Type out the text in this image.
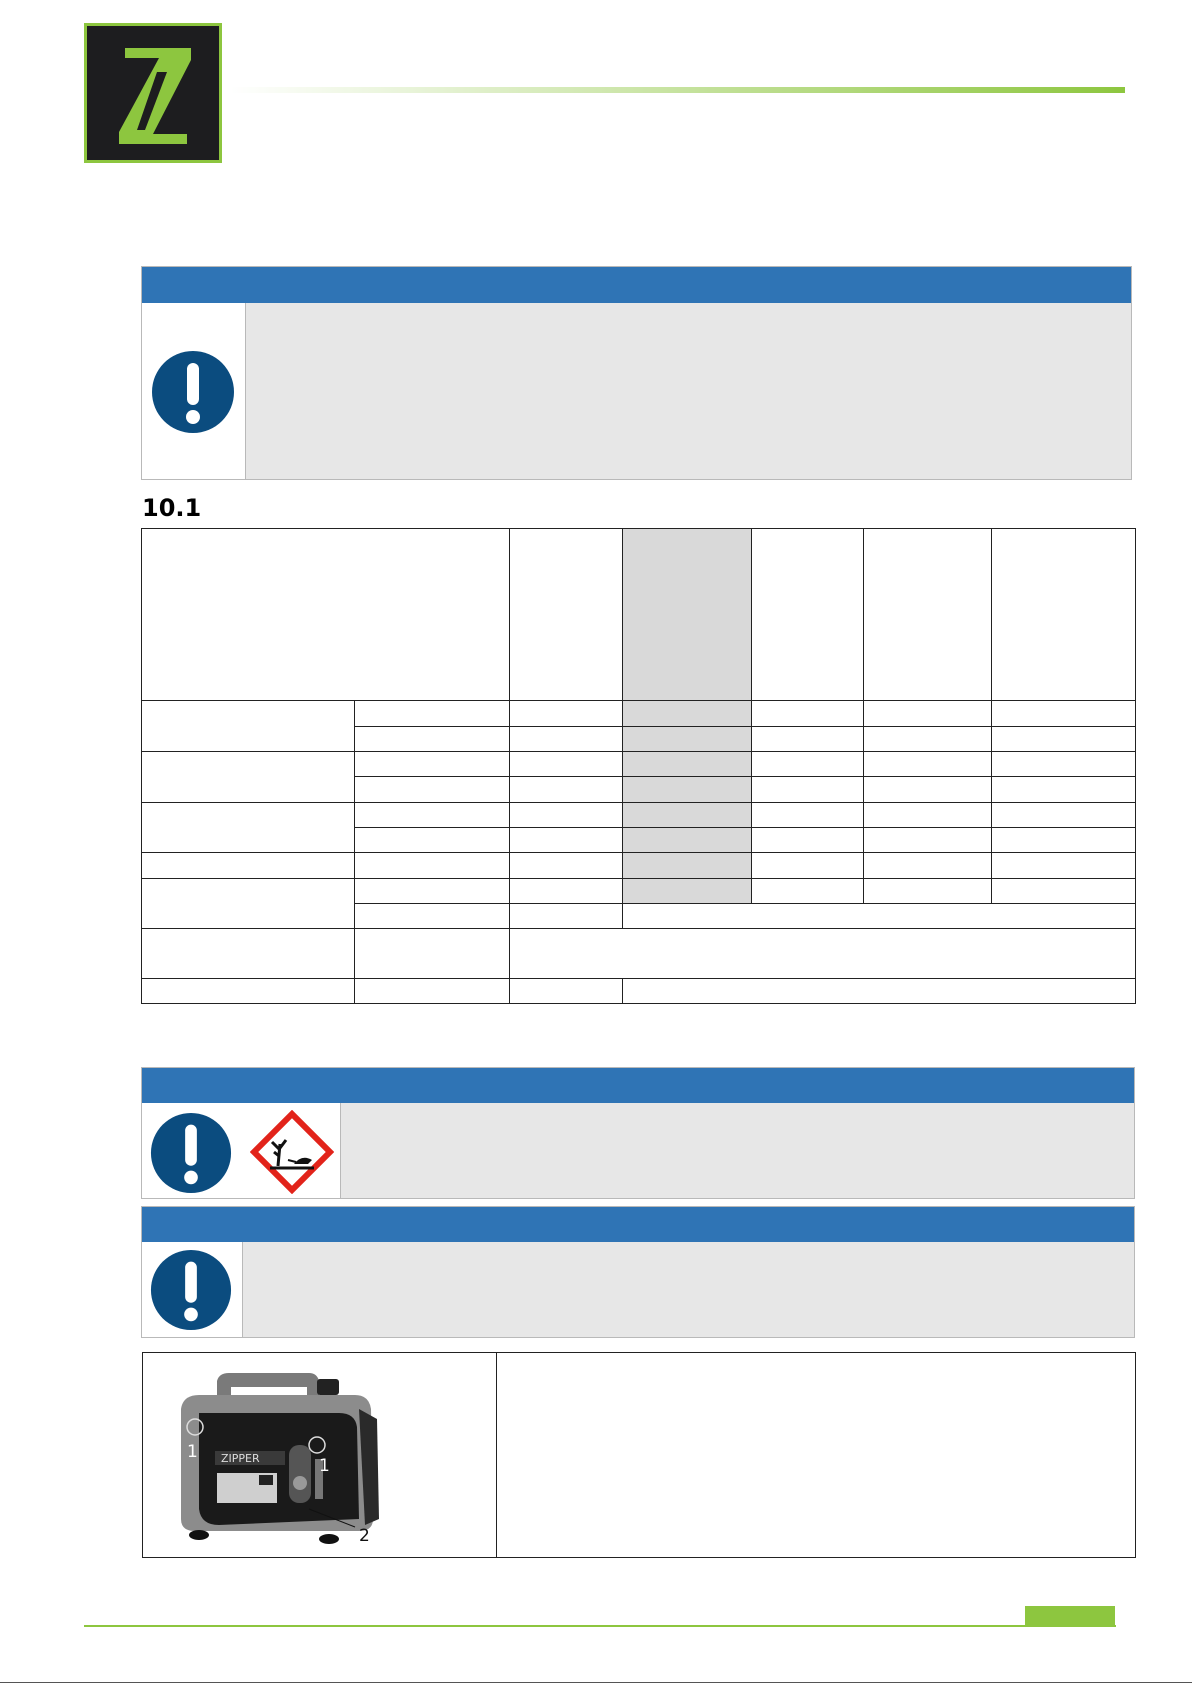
10.1

ZIPPER
1
1
2
